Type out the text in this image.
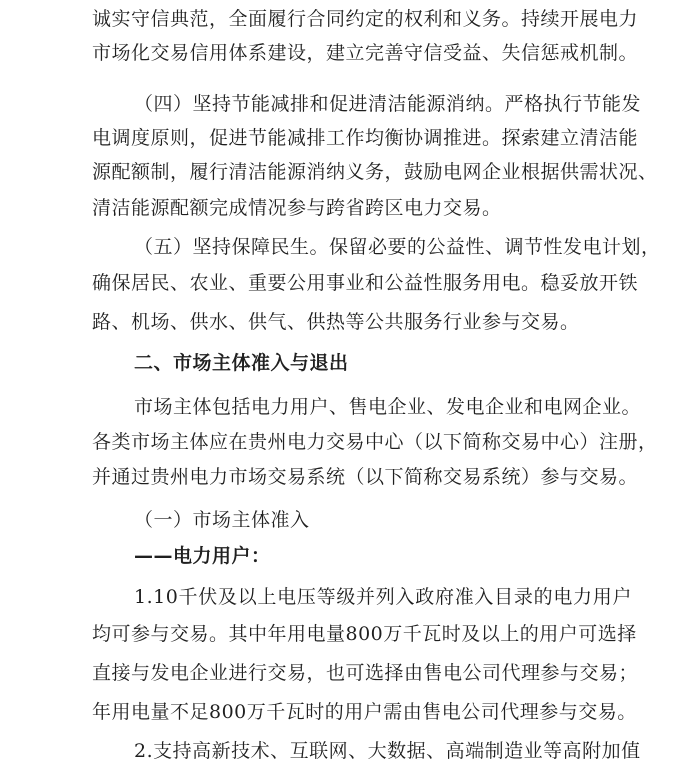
诚实守信典范，全面履行合同约定的权利和义务。持续开展电力
市场化交易信用体系建设，建立完善守信受益、失信惩戒机制。
（四）坚持节能减排和促进清洁能源消纳。严格执行节能发
电调度原则，促进节能减排工作均衡协调推进。探索建立清洁能
源配额制，履行清洁能源消纳义务，鼓励电网企业根据供需状况、
清洁能源配额完成情况参与跨省跨区电力交易。
（五）坚持保障民生。保留必要的公益性、调节性发电计划，
确保居民、农业、重要公用事业和公益性服务用电。稳妥放开铁
路、机场、供水、供气、供热等公共服务行业参与交易。
二、市场主体准入与退出
市场主体包括电力用户、售电企业、发电企业和电网企业。
各类市场主体应在贵州电力交易中心（以下简称交易中心）注册，
并通过贵州电力市场交易系统（以下简称交易系统）参与交易。
（一）市场主体准入
——电力用户：
1.10千伏及以上电压等级并列入政府准入目录的电力用户
均可参与交易。其中年用电量800万千瓦时及以上的用户可选择
直接与发电企业进行交易，也可选择由售电公司代理参与交易；
年用电量不足800万千瓦时的用户需由售电公司代理参与交易。
2.支持高新技术、互联网、大数据、高端制造业等高附加值
